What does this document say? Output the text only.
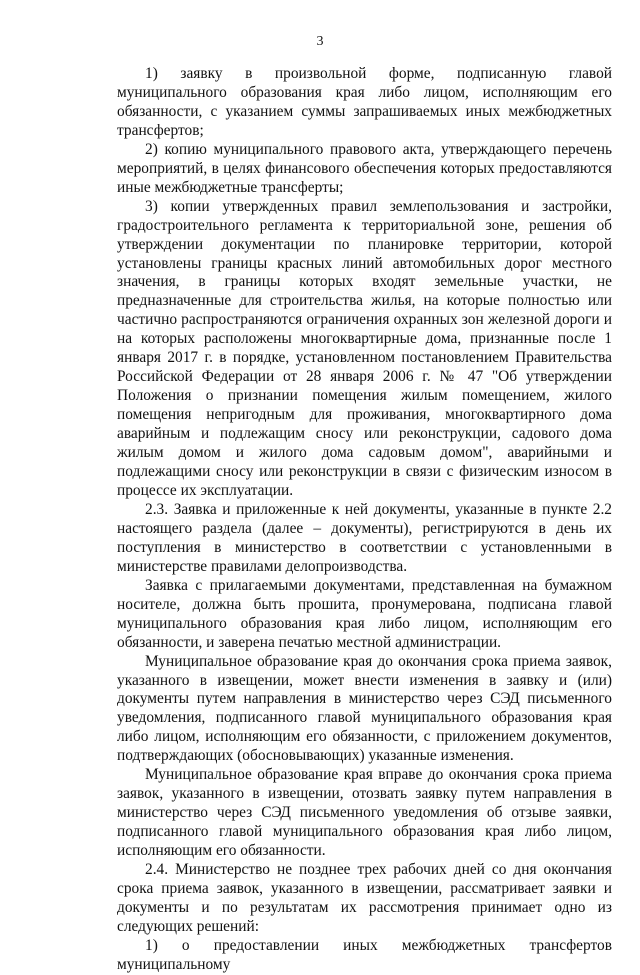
3

1) заявку в произвольной форме, подписанную главой муниципального образования края либо лицом, исполняющим его обязанности, с указанием суммы запрашиваемых иных межбюджетных трансфертов;

2) копию муниципального правового акта, утверждающего перечень мероприятий, в целях финансового обеспечения которых предоставляются иные межбюджетные трансферты;

3) копии утвержденных правил землепользования и застройки, градостроительного регламента к территориальной зоне, решения об утверждении документации по планировке территории, которой установлены границы красных линий автомобильных дорог местного значения, в границы которых входят земельные участки, не предназначенные для строительства жилья, на которые полностью или частично распространяются ограничения охранных зон железной дороги и на которых расположены многоквартирные дома, признанные после 1 января 2017 г. в порядке, установленном постановлением Правительства Российской Федерации от 28 января 2006 г. № 47 "Об утверждении Положения о признании помещения жилым помещением, жилого помещения непригодным для проживания, многоквартирного дома аварийным и подлежащим сносу или реконструкции, садового дома жилым домом и жилого дома садовым домом", аварийными и подлежащими сносу или реконструкции в связи с физическим износом в процессе их эксплуатации.

2.3. Заявка и приложенные к ней документы, указанные в пункте 2.2 настоящего раздела (далее – документы), регистрируются в день их поступления в министерство в соответствии с установленными в министерстве правилами делопроизводства.

Заявка с прилагаемыми документами, представленная на бумажном носителе, должна быть прошита, пронумерована, подписана главой муниципального образования края либо лицом, исполняющим его обязанности, и заверена печатью местной администрации.

Муниципальное образование края до окончания срока приема заявок, указанного в извещении, может внести изменения в заявку и (или) документы путем направления в министерство через СЭД письменного уведомления, подписанного главой муниципального образования края либо лицом, исполняющим его обязанности, с приложением документов, подтверждающих (обосновывающих) указанные изменения.

Муниципальное образование края вправе до окончания срока приема заявок, указанного в извещении, отозвать заявку путем направления в министерство через СЭД письменного уведомления об отзыве заявки, подписанного главой муниципального образования края либо лицом, исполняющим его обязанности.

2.4. Министерство не позднее трех рабочих дней со дня окончания срока приема заявок, указанного в извещении, рассматривает заявки и документы и по результатам их рассмотрения принимает одно из следующих решений:

1) о предоставлении иных межбюджетных трансфертов муниципальному
